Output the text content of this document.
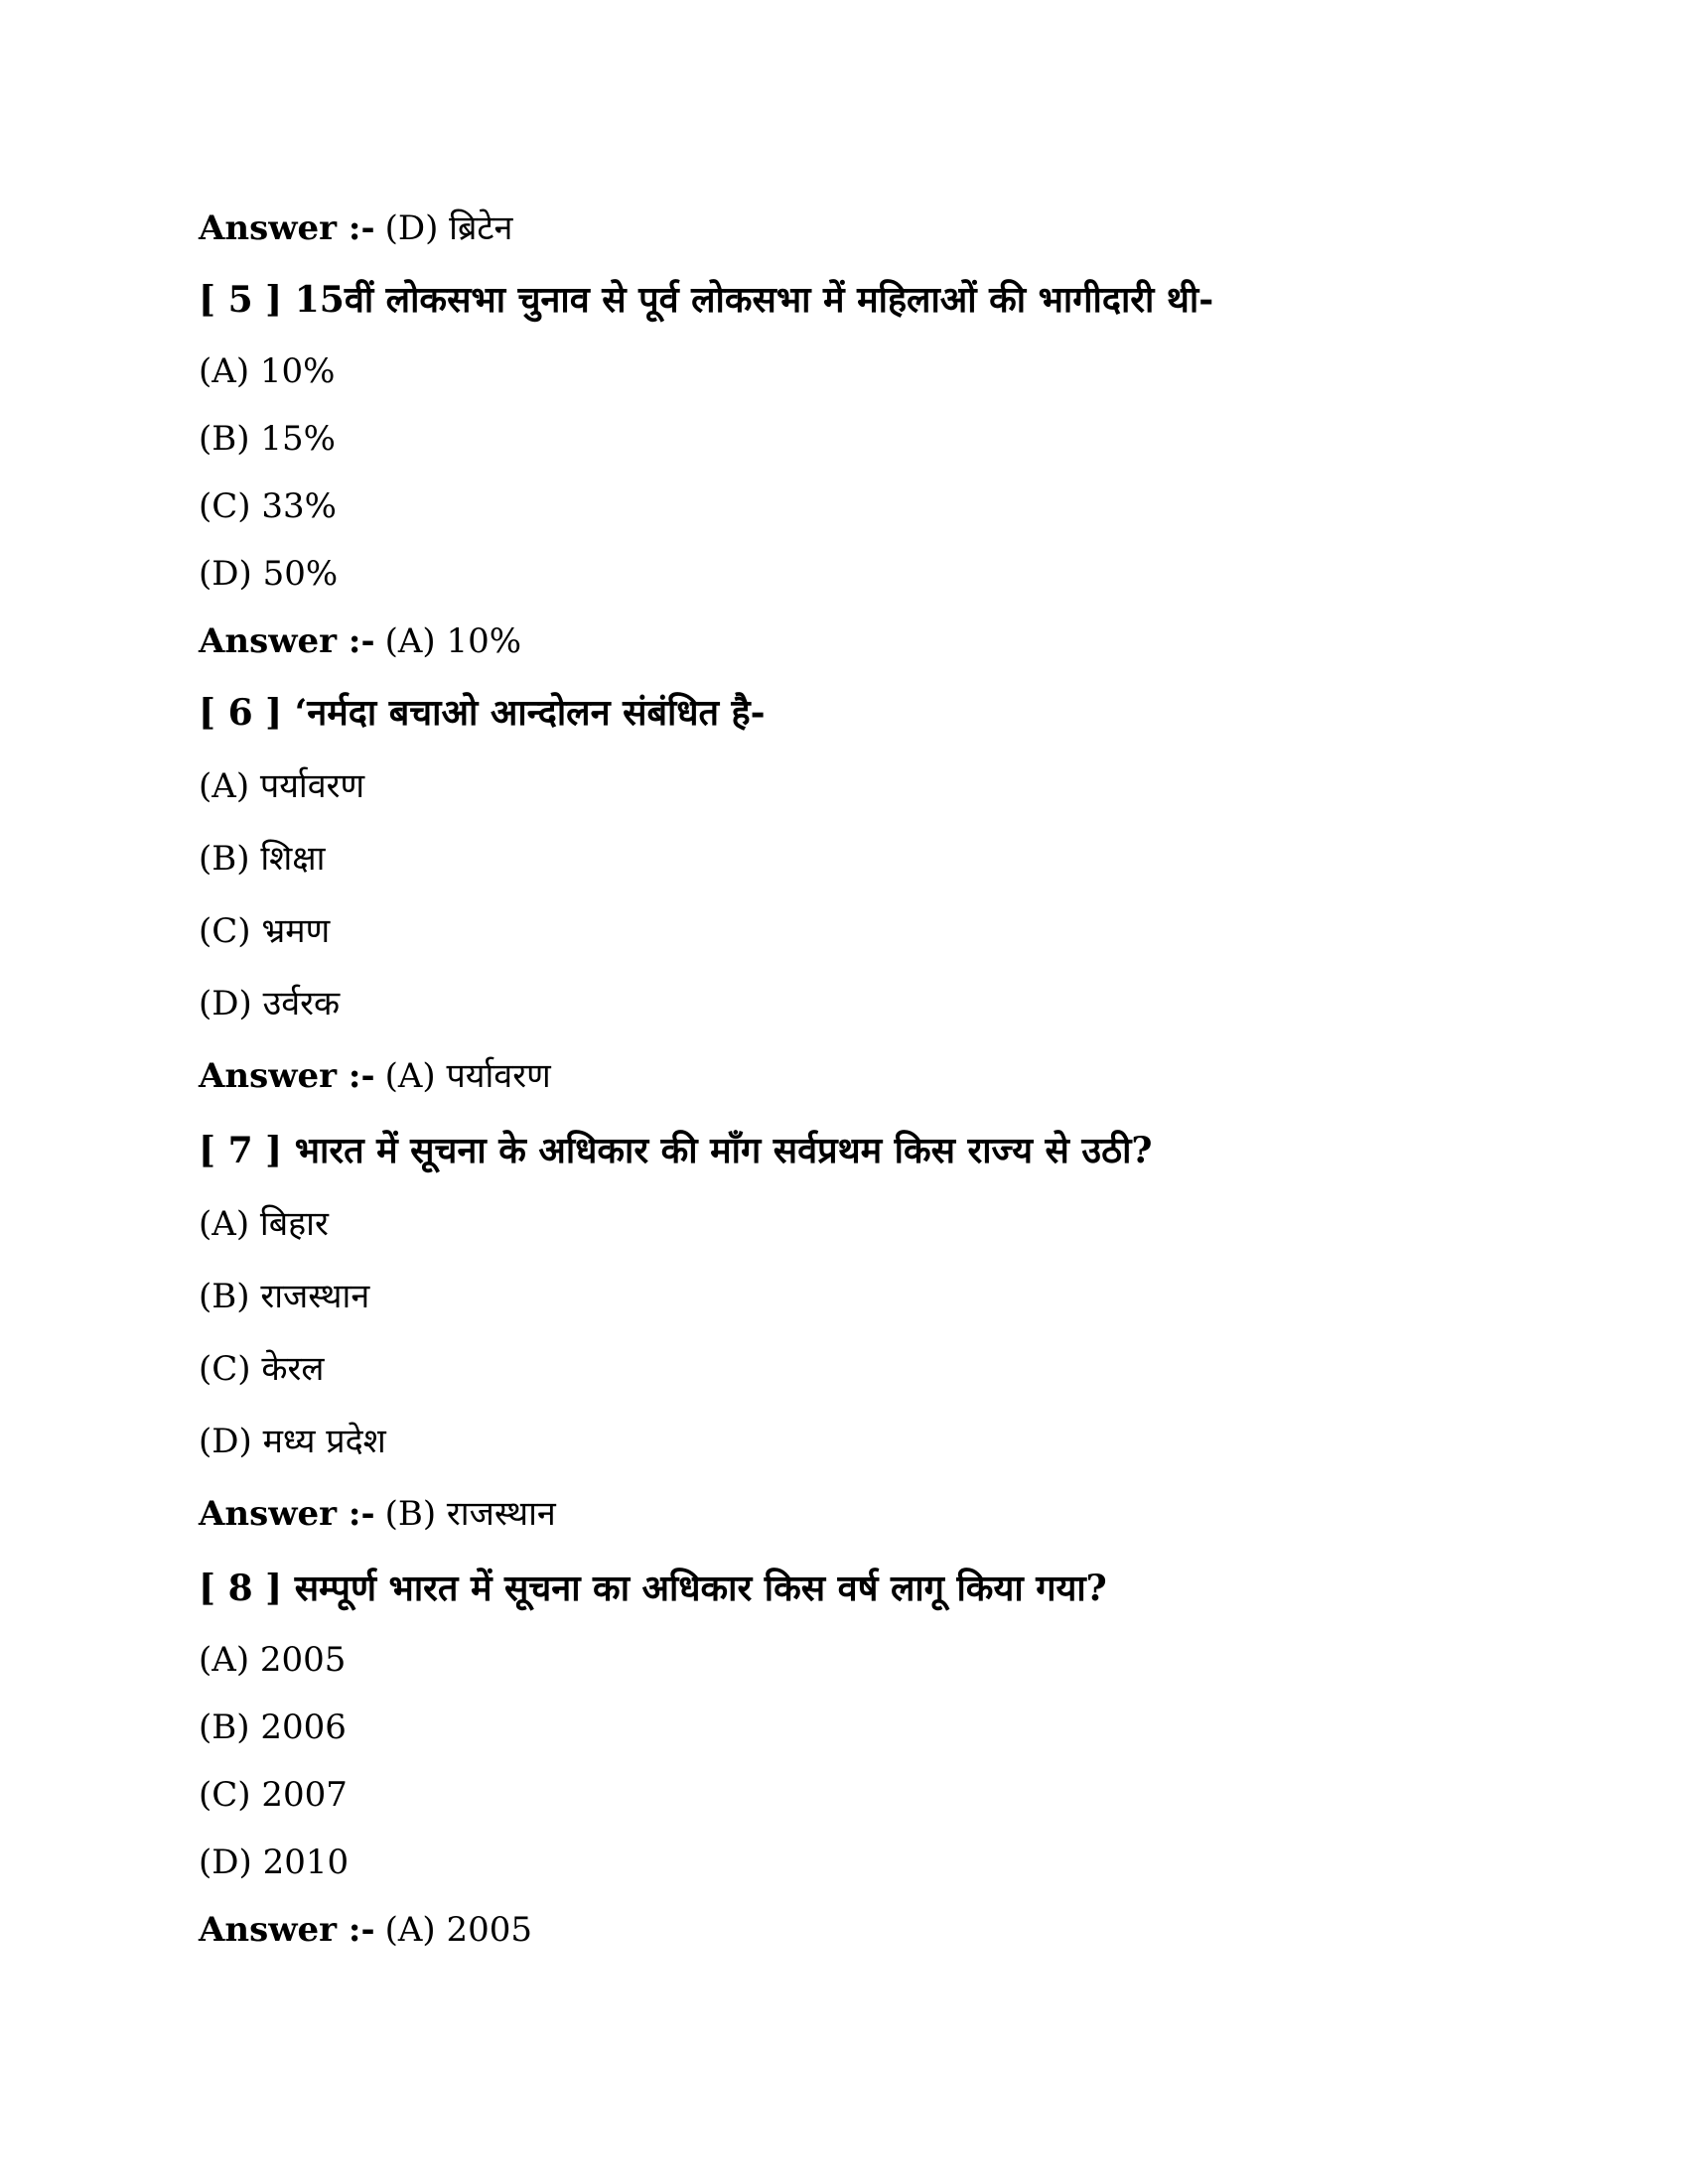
Answer :- (D) ब्रिटेन
[ 5 ] 15वीं लोकसभा चुनाव से पूर्व लोकसभा में महिलाओं की भागीदारी थी-
(A) 10%
(B) 15%
(C) 33%
(D) 50%
Answer :- (A) 10%
[ 6 ] ‘नर्मदा बचाओ आन्दोलन संबंधित है-
(A) पर्यावरण
(B) शिक्षा
(C) भ्रमण
(D) उर्वरक
Answer :- (A) पर्यावरण
[ 7 ] भारत में सूचना के अधिकार की माँग सर्वप्रथम किस राज्य से उठी?
(A) बिहार
(B) राजस्थान
(C) केरल
(D) मध्य प्रदेश
Answer :- (B) राजस्थान
[ 8 ] सम्पूर्ण भारत में सूचना का अधिकार किस वर्ष लागू किया गया?
(A) 2005
(B) 2006
(C) 2007
(D) 2010
Answer :- (A) 2005
